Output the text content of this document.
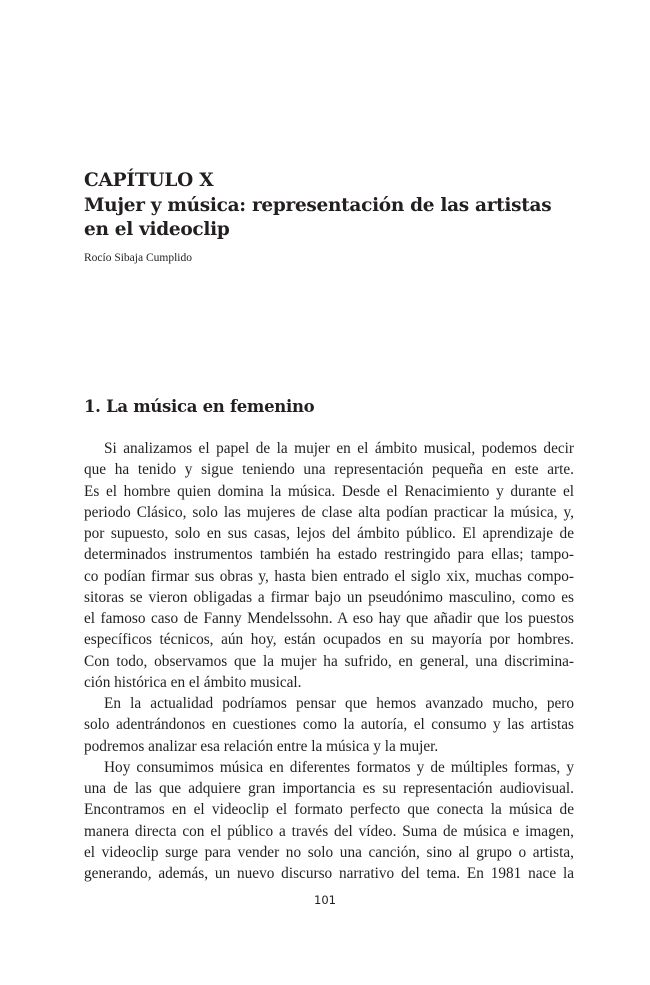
CAPÍTULO X
Mujer y música: representación de las artistas
en el videoclip
Rocío Sibaja Cumplido
1. La música en femenino
Si analizamos el papel de la mujer en el ámbito musical, podemos decir
que ha tenido y sigue teniendo una representación pequeña en este arte.
Es el hombre quien domina la música. Desde el Renacimiento y durante el
periodo Clásico, solo las mujeres de clase alta podían practicar la música, y,
por supuesto, solo en sus casas, lejos del ámbito público. El aprendizaje de
determinados instrumentos también ha estado restringido para ellas; tampo-
co podían firmar sus obras y, hasta bien entrado el siglo xix, muchas compo-
sitoras se vieron obligadas a firmar bajo un pseudónimo masculino, como es
el famoso caso de Fanny Mendelssohn. A eso hay que añadir que los puestos
específicos técnicos, aún hoy, están ocupados en su mayoría por hombres.
Con todo, observamos que la mujer ha sufrido, en general, una discrimina-
ción histórica en el ámbito musical.
En la actualidad podríamos pensar que hemos avanzado mucho, pero
solo adentrándonos en cuestiones como la autoría, el consumo y las artistas
podremos analizar esa relación entre la música y la mujer.
Hoy consumimos música en diferentes formatos y de múltiples formas, y
una de las que adquiere gran importancia es su representación audiovisual.
Encontramos en el videoclip el formato perfecto que conecta la música de
manera directa con el público a través del vídeo. Suma de música e imagen,
el videoclip surge para vender no solo una canción, sino al grupo o artista,
generando, además, un nuevo discurso narrativo del tema. En 1981 nace la
101
